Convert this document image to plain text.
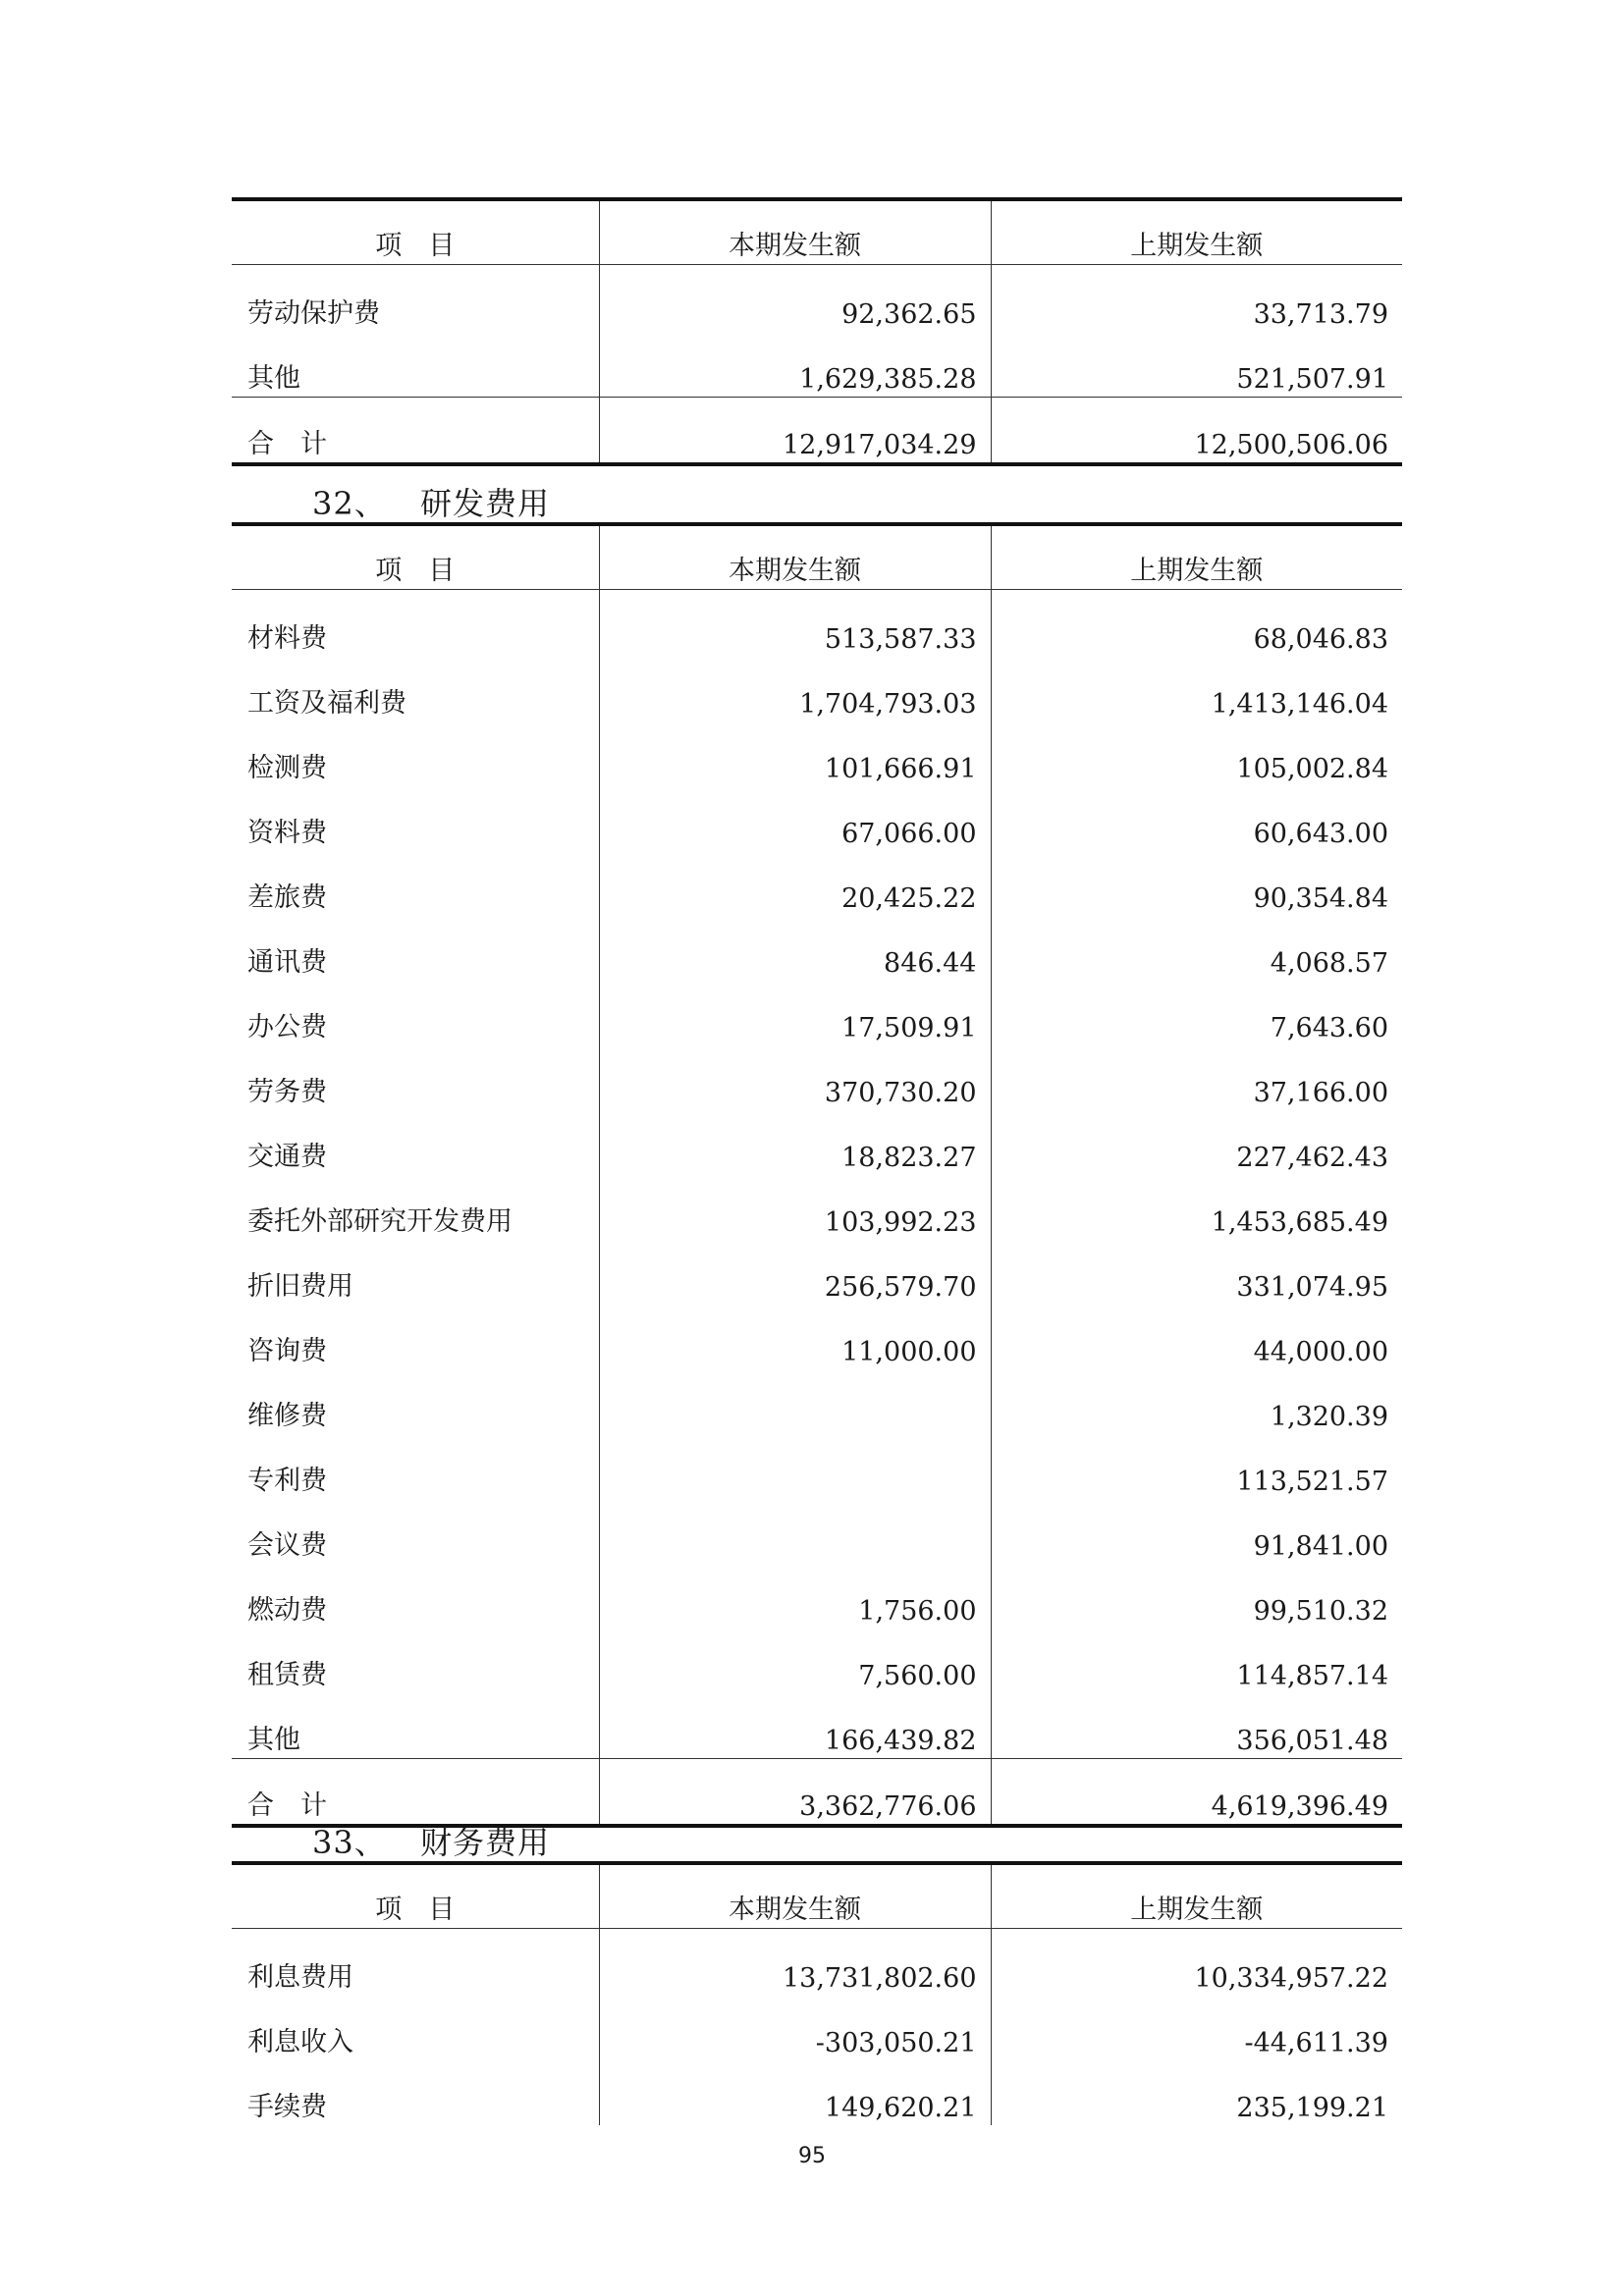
项　目	本期发生额	上期发生额
劳动保护费	92,362.65	33,713.79
其他	1,629,385.28	521,507.91
合　计	12,917,034.29	12,500,506.06
32、 研发费用
项　目	本期发生额	上期发生额
材料费	513,587.33	68,046.83
工资及福利费	1,704,793.03	1,413,146.04
检测费	101,666.91	105,002.84
资料费	67,066.00	60,643.00
差旅费	20,425.22	90,354.84
通讯费	846.44	4,068.57
办公费	17,509.91	7,643.60
劳务费	370,730.20	37,166.00
交通费	18,823.27	227,462.43
委托外部研究开发费用	103,992.23	1,453,685.49
折旧费用	256,579.70	331,074.95
咨询费	11,000.00	44,000.00
维修费		1,320.39
专利费		113,521.57
会议费		91,841.00
燃动费	1,756.00	99,510.32
租赁费	7,560.00	114,857.14
其他	166,439.82	356,051.48
合　计	3,362,776.06	4,619,396.49
33、 财务费用
项　目	本期发生额	上期发生额
利息费用	13,731,802.60	10,334,957.22
利息收入	-303,050.21	-44,611.39
手续费	149,620.21	235,199.21
95
